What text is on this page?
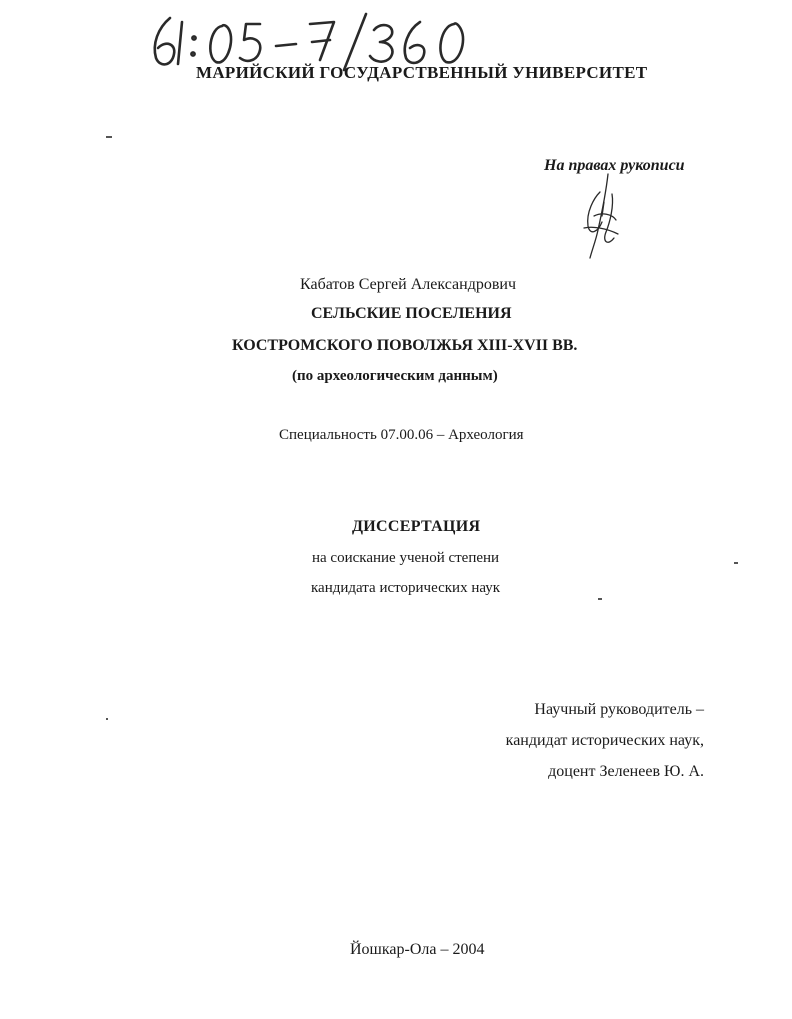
МАРИЙСКИЙ ГОСУДАРСТВЕННЫЙ УНИВЕРСИТЕТ
На правах рукописи
Кабатов Сергей Александрович
СЕЛЬСКИЕ ПОСЕЛЕНИЯ
КОСТРОМСКОГО ПОВОЛЖЬЯ XIII-XVII ВВ.
(по археологическим данным)
Специальность 07.00.06 – Археология
ДИССЕРТАЦИЯ
на соискание ученой степени
кандидата исторических наук
Научный руководитель –
кандидат исторических наук,
доцент Зеленеев Ю. А.
Йошкар-Ола – 2004
